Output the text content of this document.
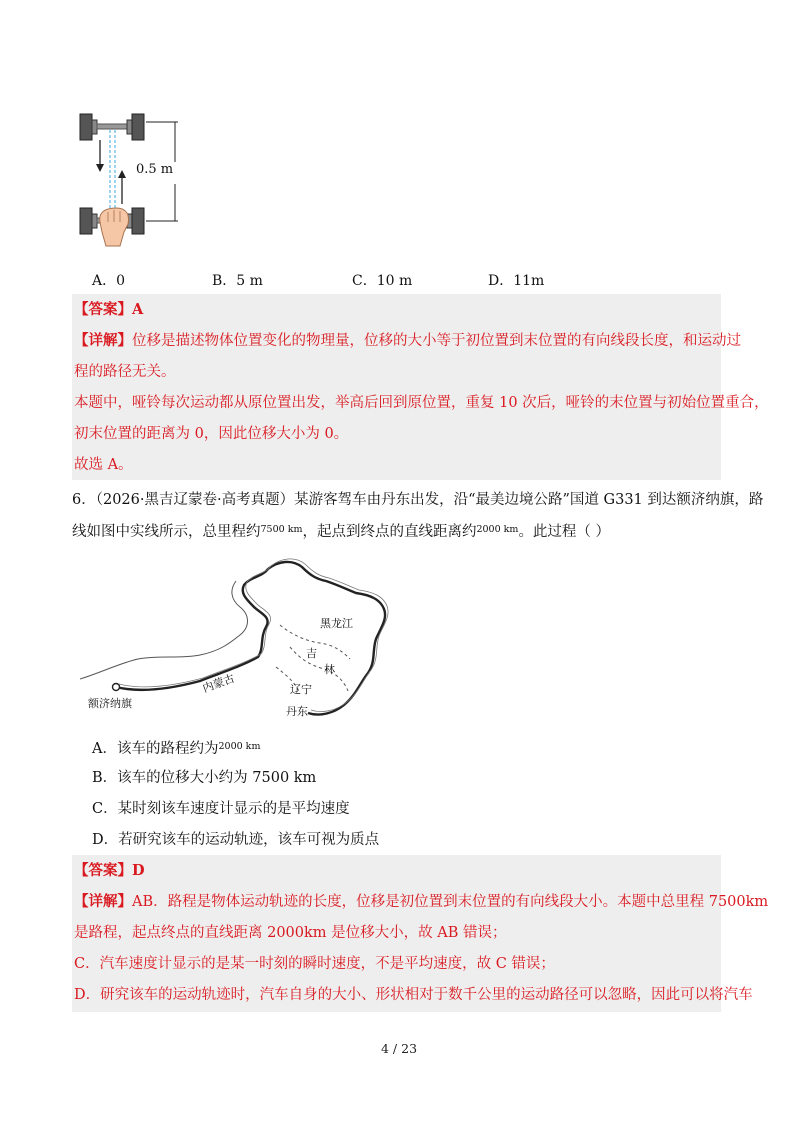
0.5 m
A．0	B．5 m	C．10 m	D．11m
【答案】A
【详解】位移是描述物体位置变化的物理量，位移的大小等于初位置到末位置的有向线段长度，和运动过
程的路径无关。
本题中，哑铃每次运动都从原位置出发，举高后回到原位置，重复 10 次后，哑铃的末位置与初始位置重合，
初末位置的距离为 0，因此位移大小为 0。
故选 A。
6．（2026·黑吉辽蒙卷·高考真题）某游客驾车由丹东出发，沿“最美边境公路”国道 G331 到达额济纳旗，路
线如图中实线所示，总里程约$^{7500 km}$，起点到终点的直线距离约$^{2000 km}$。此过程（ ）
黑龙江
吉
林
辽宁
内蒙古
额济纳旗
丹东
A．该车的路程约为$^{2000 km}$
B．该车的位移大小约为 7500 km
C．某时刻该车速度计显示的是平均速度
D．若研究该车的运动轨迹，该车可视为质点
【答案】D
【详解】AB．路程是物体运动轨迹的长度，位移是初位置到末位置的有向线段大小。本题中总里程 7500km
是路程，起点终点的直线距离 2000km 是位移大小，故 AB 错误；
C．汽车速度计显示的是某一时刻的瞬时速度，不是平均速度，故 C 错误；
D．研究该车的运动轨迹时，汽车自身的大小、形状相对于数千公里的运动路径可以忽略，因此可以将汽车
4 / 23
